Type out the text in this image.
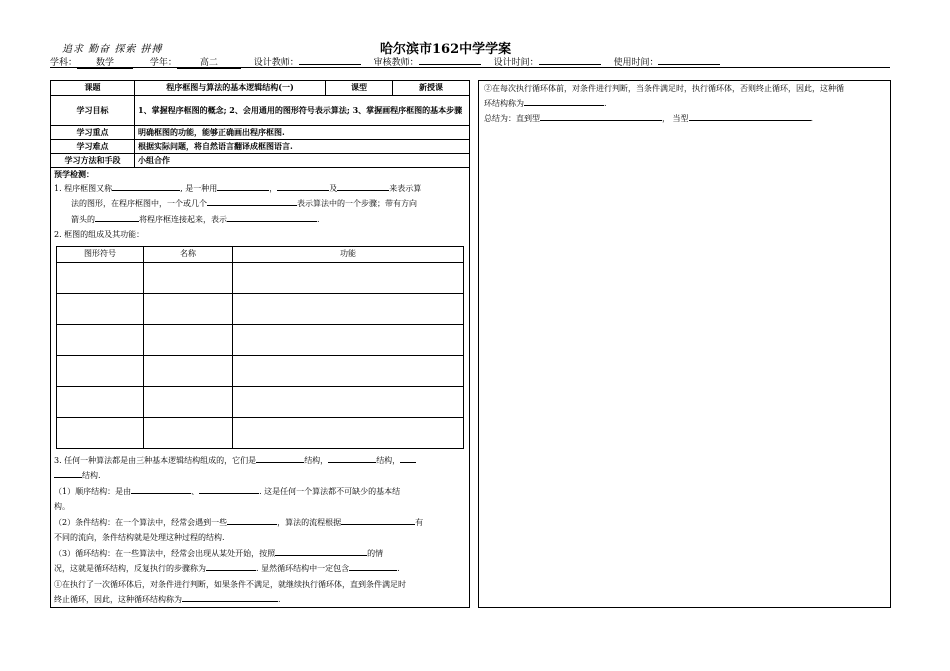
追求 勤奋 探索 拼搏	哈尔滨市162中学学案
学科： 数学	学年：	高二	设计教师：	审核教师：	设计时间：	使用时间：
课题	程序框图与算法的基本逻辑结构(一)	课型	新授课
学习目标	1、掌握程序框图的概念; 2、会用通用的图形符号表示算法; 3、掌握画程序框图的基本步骤		
学习重点	明确框图的功能，能够正确画出程序框图.		
学习难点	根据实际问题，将自然语言翻译成框图语言.		
学习方法和手段	小组合作		
预学检测：
1. 程序框图又称	, 是一种用	，	及	来表示算
法的图形，在程序框图中，一个或几个	表示算法中的一个步骤；带有方向
箭头的	将程序框连接起来，表示	.
2. 框图的组成及其功能：
图形符号	名称	功能

3. 任何一种算法都是由三种基本逻辑结构组成的，它们是	结构，	结构，
结构.
（1）顺序结构：是由	、	. 这是任何一个算法都不可缺少的基本结
构。
（2）条件结构：在一个算法中，经常会遇到一些	，算法的流程根据	有
不同的流向，条件结构就是处理这种过程的结构.
（3）循环结构：在一些算法中，经常会出现从某处开始，按照	的情
况，这就是循环结构，反复执行的步骤称为	. 显然循环结构中一定包含	.
①在执行了一次循环体后，对条件进行判断，如果条件不满足，就继续执行循环体，直到条件满足时
终止循环，因此，这种循环结构称为	.
②在每次执行循环体前，对条件进行判断，当条件满足时，执行循环体，否则终止循环，因此，这种循
环结构称为	.
总结为：直到型	， 当型	.
